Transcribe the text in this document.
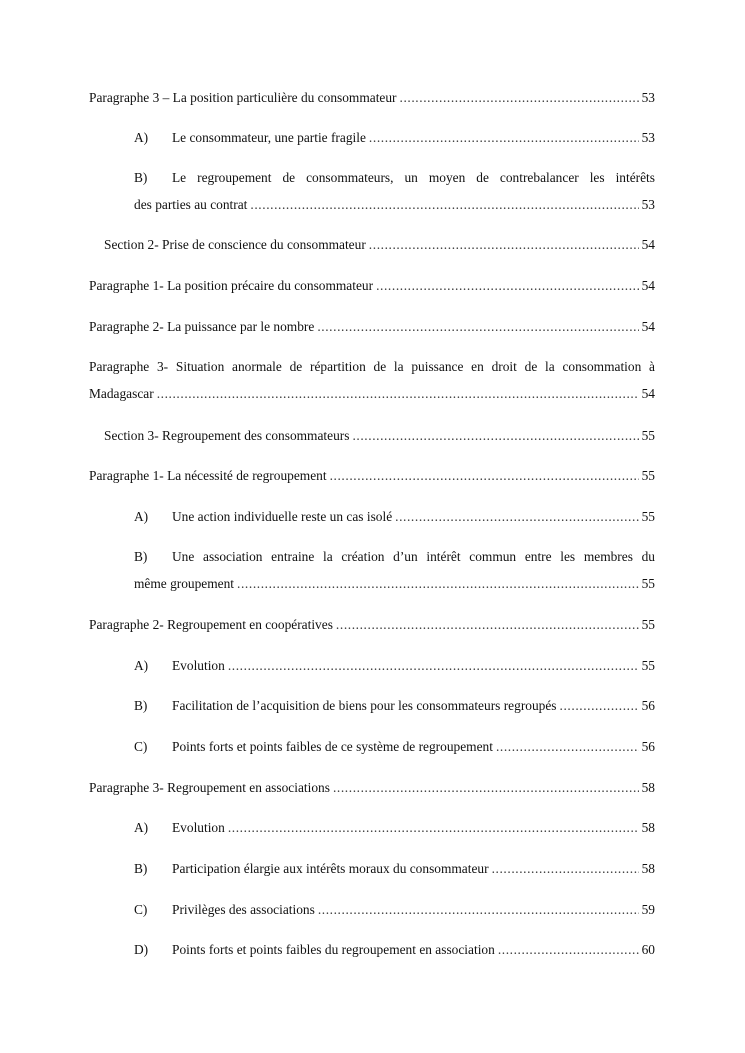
Paragraphe 3 – La position particulière du consommateur .....	53
A)	Le consommateur, une partie fragile .....	53
B)	Le regroupement de consommateurs, un moyen de contrebalancer les intérêts
des parties au contrat .....	53
Section 2- Prise de conscience du consommateur .....	54
Paragraphe 1- La position précaire du consommateur .....	54
Paragraphe 2- La puissance par le nombre .....	54
Paragraphe 3- Situation anormale de répartition de la puissance en droit de la consommation à
Madagascar .....	54
Section 3- Regroupement des consommateurs .....	55
Paragraphe 1- La nécessité de regroupement .....	55
A)	Une action individuelle reste un cas isolé .....	55
B)	Une association entraine la création d’un intérêt commun entre les membres du
même groupement .....	55
Paragraphe 2- Regroupement en coopératives .....	55
A)	Evolution .....	55
B)	Facilitation de l’acquisition de biens pour les consommateurs regroupés .....	56
C)	Points forts et points faibles de ce système de regroupement .....	56
Paragraphe 3- Regroupement en associations .....	58
A)	Evolution .....	58
B)	Participation élargie aux intérêts moraux du consommateur .....	58
C)	Privilèges des associations .....	59
D)	Points forts et points faibles du regroupement en association .....	60
